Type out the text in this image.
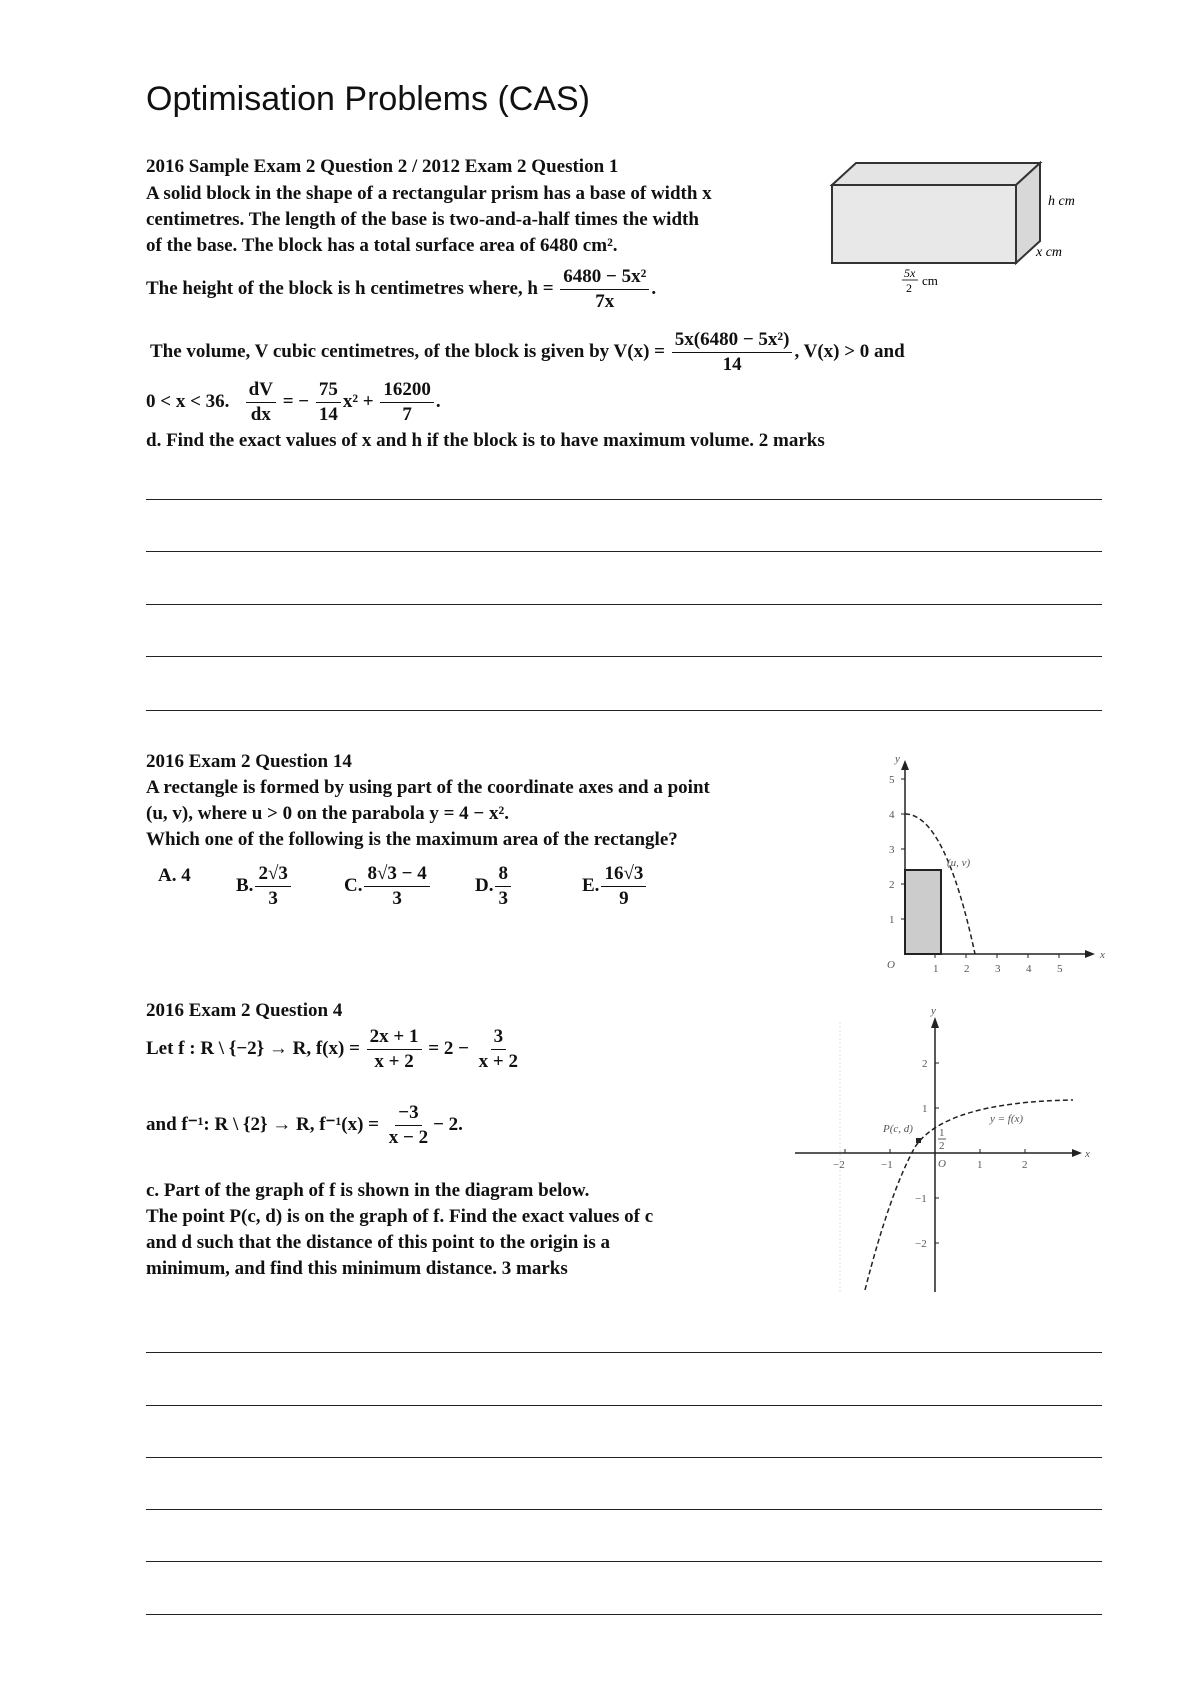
Optimisation Problems (CAS)
2016 Sample Exam 2 Question 2 / 2012 Exam 2 Question 1
A solid block in the shape of a rectangular prism has a base of width x
centimetres. The length of the base is two-and-a-half times the width
of the base. The block has a total surface area of 6480 cm².
The height of the block is h centimetres where, $h = \frac{\text{6480 − 5x²}}{7x}$ .
The volume, V cubic centimetres, of the block is given by $V(x) = \frac{\text{5x(6480 − 5x²)}}{14}$ , V(x) > 0 and
0 < x < 36. $\frac{dV}{dx}$ = − $\frac{75}{14} x^2 + \frac{16200}{7}$ .
d. Find the exact values of x and h if the block is to have maximum volume. 2 marks
h cm
x cm
5x
2 cm
2016 Exam 2 Question 14
A rectangle is formed by using part of the coordinate axes and a point
(u, v), where u > 0 on the parabola y = 4 − x².
Which one of the following is the maximum area of the rectangle?
A. 4 B. $\frac{2√3}{3}$	C. $\frac{8√3 - 4}{3} D$. $\frac{8}{3}$	E. $\frac{16√3}{9}$
1 2 3 4 5
1
2
3
4
5
O
x
y
(u, v)
2016 Exam 2 Question 4
Let f : R \ {−2} → R, $f(x) = \frac{2x + 1}{x + 2} = 2 - \frac{3}{x + 2}$
and f⁻¹: R \ {2} → R, $f^{-1}(x) = \frac{-3}{x - 2} - 2$.
c. Part of the graph of f is shown in the diagram below.
The point P(c, d) is on the graph of f. Find the exact values of c
and d such that the distance of this point to the origin is a
minimum, and find this minimum distance. 3 marks
−2	−1	1	2
2
1
−1
−2
O
x
y
P(c, d)
y = f(x)
1
2
